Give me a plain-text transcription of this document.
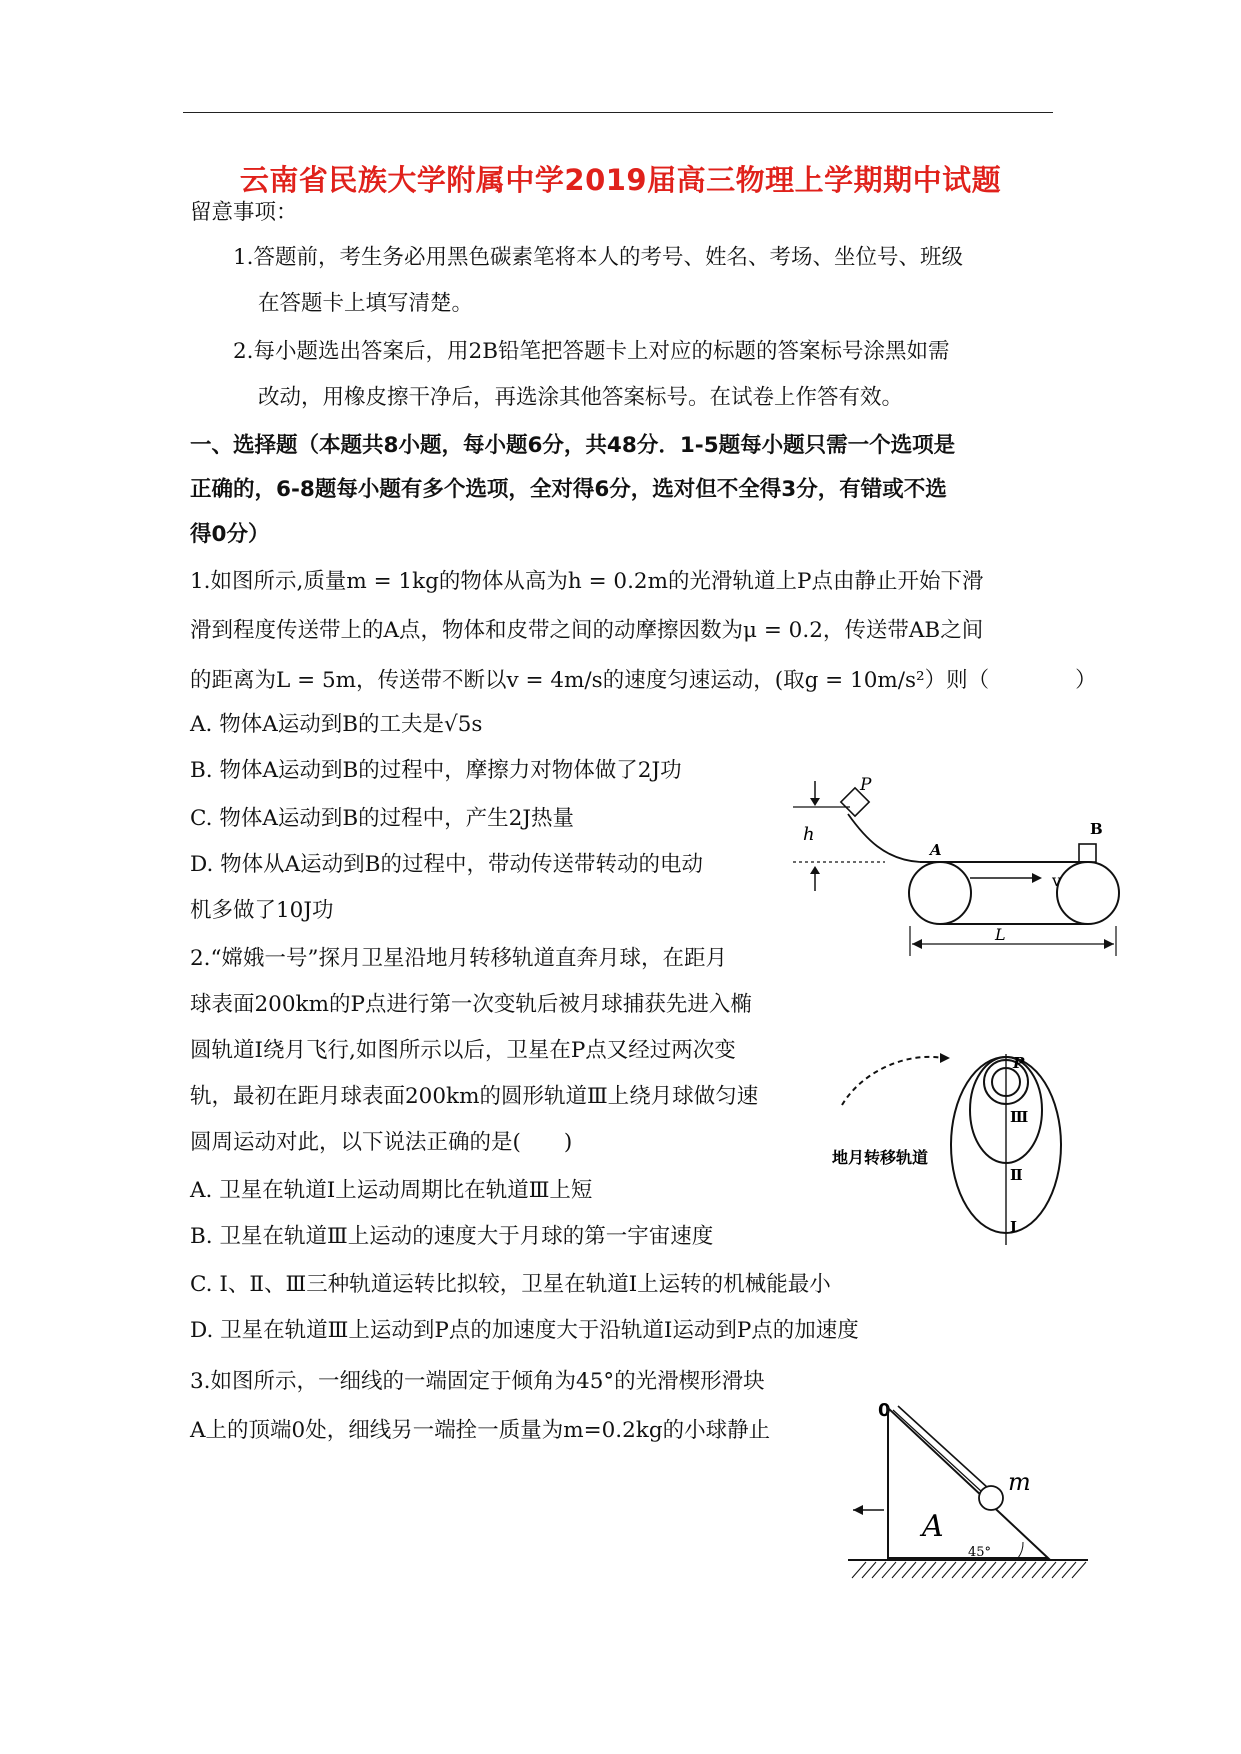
云南省民族大学附属中学2019届高三物理上学期期中试题
留意事项：
1.答题前，考生务必用黑色碳素笔将本人的考号、姓名、考场、坐位号、班级
在答题卡上填写清楚。
2.每小题选出答案后，用2B铅笔把答题卡上对应的标题的答案标号涂黑如需
改动，用橡皮擦干净后，再选涂其他答案标号。在试卷上作答有效。
一、选择题（本题共8小题，每小题6分，共48分．1-5题每小题只需一个选项是
正确的，6-8题每小题有多个选项，全对得6分，选对但不全得3分，有错或不选
得0分）
1.如图所示,质量m = 1kg的物体从高为h = 0.2m的光滑轨道上P点由静止开始下滑
滑到程度传送带上的A点，物体和皮带之间的动摩擦因数为μ = 0.2，传送带AB之间
的距离为L = 5m，传送带不断以v = 4m/s的速度匀速运动，(取g = 10m/s²）则（　　　　）
A. 物体A运动到B的工夫是√5s
B. 物体A运动到B的过程中，摩擦力对物体做了2J功
C. 物体A运动到B的过程中，产生2J热量
D. 物体从A运动到B的过程中，带动传送带转动的电动
机多做了10J功
h
P
A
B
v
L
2.“嫦娥一号”探月卫星沿地月转移轨道直奔月球，在距月
球表面200km的P点进行第一次变轨后被月球捕获先进入椭
圆轨道Ⅰ绕月飞行,如图所示以后，卫星在P点又经过两次变
轨，最初在距月球表面200km的圆形轨道Ⅲ上绕月球做匀速
圆周运动对此，以下说法正确的是(　　)
A. 卫星在轨道Ⅰ上运动周期比在轨道Ⅲ上短
B. 卫星在轨道Ⅲ上运动的速度大于月球的第一宇宙速度
C. Ⅰ、Ⅱ、Ⅲ三种轨道运转比拟较，卫星在轨道Ⅰ上运转的机械能最小
D. 卫星在轨道Ⅲ上运动到P点的加速度大于沿轨道Ⅰ运动到P点的加速度
P
Ⅲ
Ⅱ
Ⅰ
地月转移轨道
3.如图所示，一细线的一端固定于倾角为45°的光滑楔形滑块
A上的顶端0处，细线另一端拴一质量为m=0.2kg的小球静止
0
m
A
45°
